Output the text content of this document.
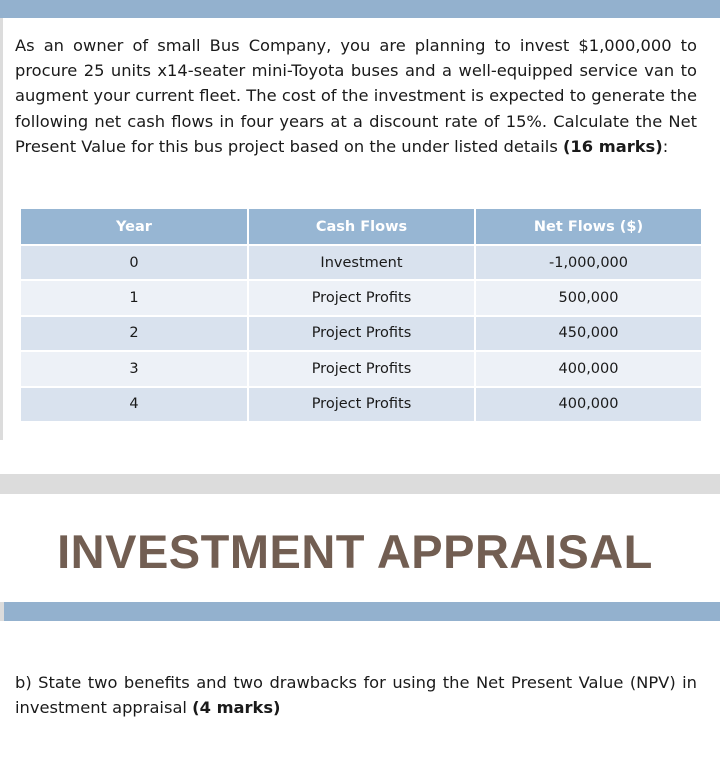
As an owner of small Bus Company, you are planning to invest $1,000,000 to procure 25 units x14-seater mini-Toyota buses and a well-equipped service van to augment your current fleet. The cost of the investment is expected to generate the following net cash flows in four years at a discount rate of 15%. Calculate the Net Present Value for this bus project based on the under listed details (16 marks):

Year	Cash Flows	Net Flows ($)
0	Investment	-1,000,000
1	Project Profits	500,000
2	Project Profits	450,000
3	Project Profits	400,000
4	Project Profits	400,000
INVESTMENT APPRAISAL

b) State two benefits and two drawbacks for using the Net Present Value (NPV) in investment appraisal (4 marks)
